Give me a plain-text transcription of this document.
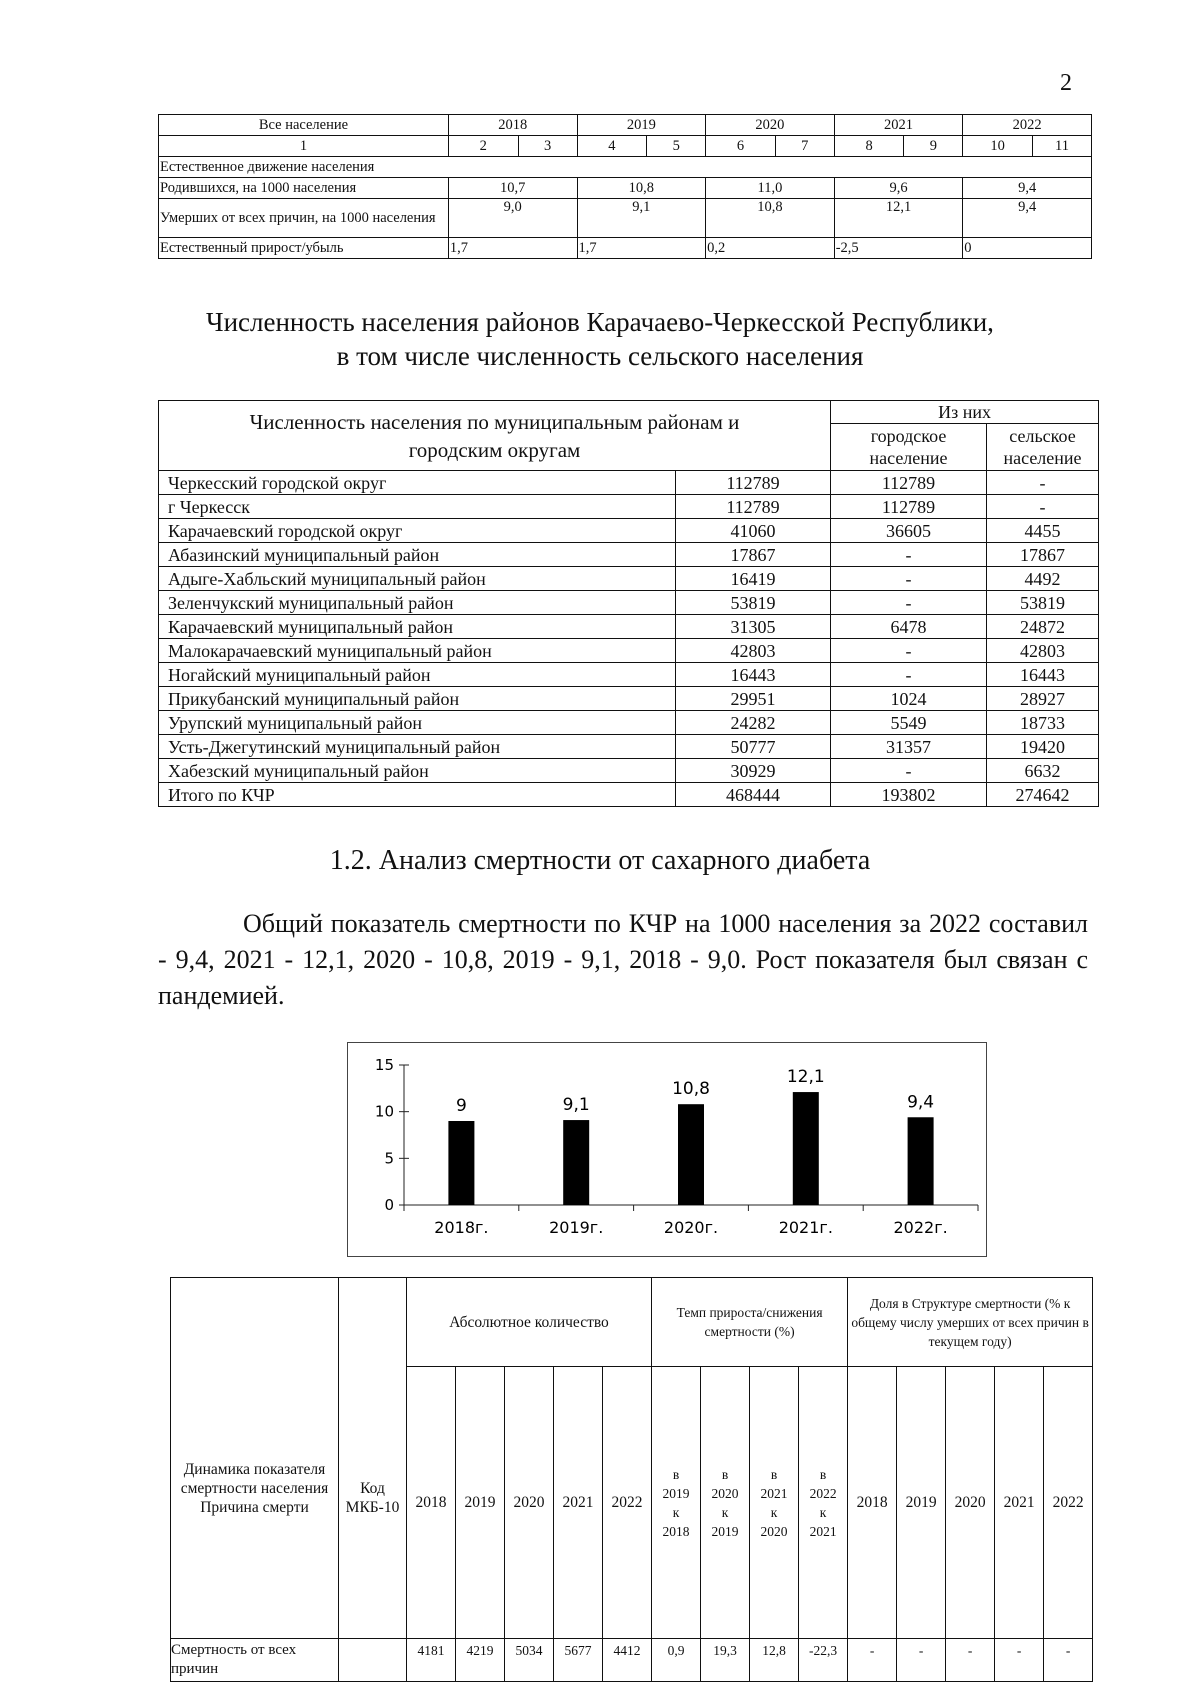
2
Все население	2018		2019		2020		2021		2022	
1	2	3	4	5	6	7	8	9	10	11
Естественное движение населения										
Родившихся, на 1000 населения	10,7		10,8		11,0		9,6		9,4	
Умерших от всех причин, на 1000 населения	9,0		9,1		10,8		12,1		9,4	
Естественный прирост/убыль	1,7		1,7		0,2		-2,5		0	
Численность населения районов Карачаево-Черкесской Республики,
в том числе численность сельского населения
Численность населения по муниципальным районам и городским округам		Из них	
		городское население	сельское население
Черкесский городской округ	112789	112789	-
г Черкесск	112789	112789	-
Карачаевский городской округ	41060	36605	4455
Абазинский муниципальный район	17867	-	17867
Адыге-Хабльский муниципальный район	16419	-	4492
Зеленчукский муниципальный район	53819	-	53819
Карачаевский муниципальный район	31305	6478	24872
Малокарачаевский муниципальный район	42803	-	42803
Ногайский муниципальный район	16443	-	16443
Прикубанский муниципальный район	29951	1024	28927
Урупский муниципальный район	24282	5549	18733
Усть-Джегутинский муниципальный район	50777	31357	19420
Хабезский муниципальный район	30929	-	6632
Итого по КЧР	468444	193802	274642
1.2. Анализ смертности от сахарного диабета
Общий показатель смертности по КЧР на 1000 населения за 2022 составил - 9,4, 2021 - 12,1, 2020 - 10,8, 2019 - 9,1, 2018 - 9,0. Рост показателя был связан с пандемией.
0
5
10
15
9
2018г.
9,1
2019г.
10,8
2020г.
12,1
2021г.
9,4
2022г.
Динамика показателя смертности населения Причина смерти	Код МКБ-10	Абсолютное количество					Темп прироста/снижения смертности (%)				Доля в Структуре смертности (% к общему числу умерших от всех причин в текущем году)				
		2018	2019	2020	2021	2022	в
2019
к
2018	в
2020
к
2019	в
2021
к
2020	в
2022
к
2021	2018	2019	2020	2021	2022
Смертность от всех причин		4181	4219	5034	5677	4412	0,9	19,3	12,8	-22,3	-	-	-	-	-
